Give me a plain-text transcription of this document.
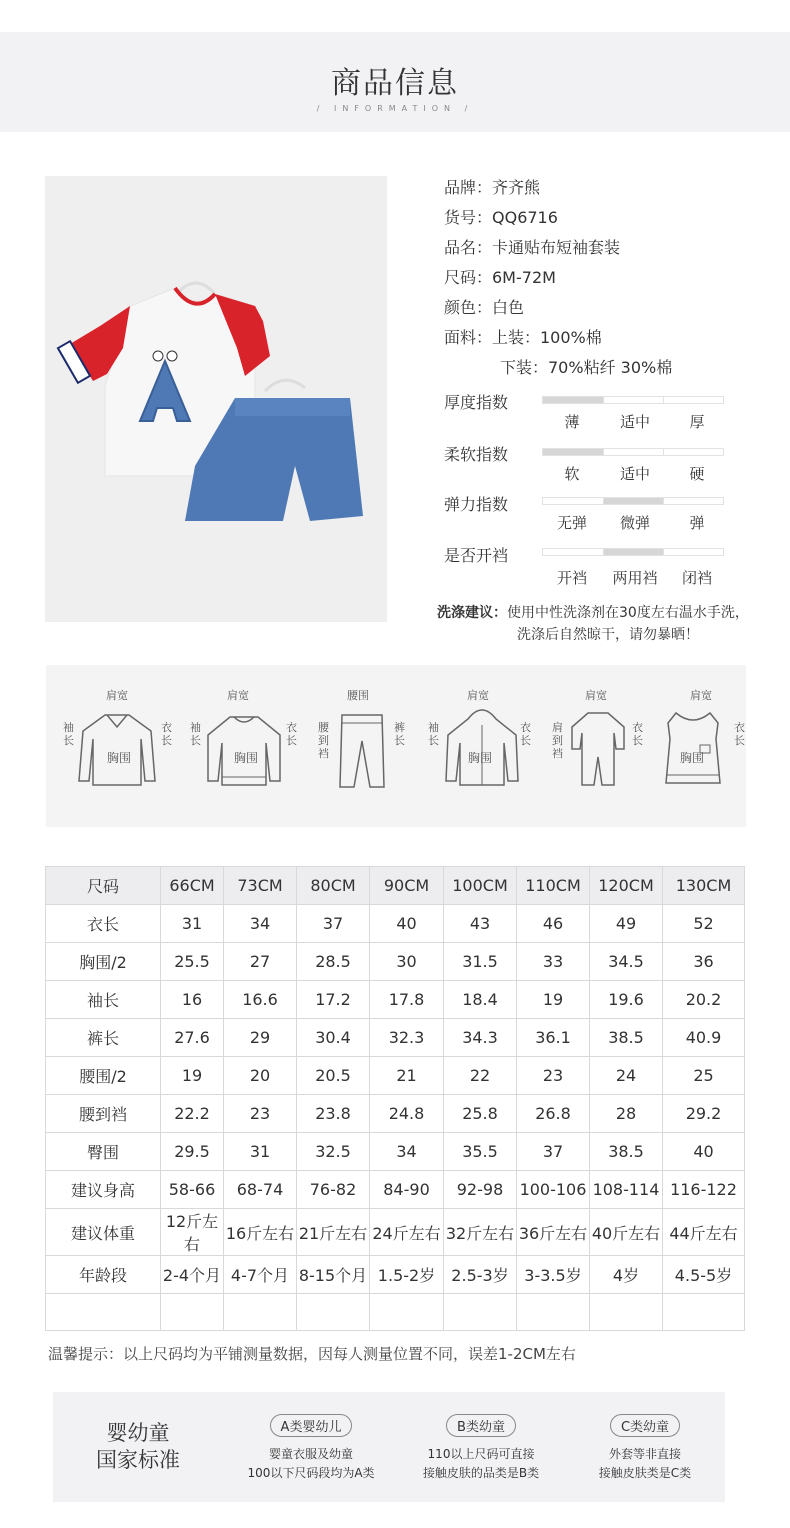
商品信息
/ INFORMATION /
品牌：齐齐熊
货号：QQ6716
品名：卡通贴布短袖套装
尺码：6M-72M
颜色：白色
面料：上装：100%棉
下装：70%粘纤 30%棉
厚度指数
薄	适中	厚
柔软指数
软	适中	硬
弹力指数
无弹	微弹	弹
是否开裆
开裆	两用裆	闭裆
洗涤建议：使用中性洗涤剂在30度左右温水手洗，
洗涤后自然晾干，请勿暴晒！
肩宽
袖长
衣长
胸围
肩宽
袖长
衣长
胸围
腰围
腰到裆
裤长
肩宽
袖长
衣长
胸围
肩宽
肩到裆
衣长
肩宽
衣长
胸围
尺码	66CM	73CM	80CM	90CM	100CM	110CM	120CM	130CM
衣长	31	34	37	40	43	46	49	52
胸围/2	25.5	27	28.5	30	31.5	33	34.5	36
袖长	16	16.6	17.2	17.8	18.4	19	19.6	20.2
裤长	27.6	29	30.4	32.3	34.3	36.1	38.5	40.9
腰围/2	19	20	20.5	21	22	23	24	25
腰到裆	22.2	23	23.8	24.8	25.8	26.8	28	29.2
臀围	29.5	31	32.5	34	35.5	37	38.5	40
建议身高	58-66	68-74	76-82	84-90	92-98	100-106	108-114	116-122
建议体重	12斤左右	16斤左右	21斤左右	24斤左右	32斤左右	36斤左右	40斤左右	44斤左右
年龄段	2-4个月	4-7个月	8-15个月	1.5-2岁	2.5-3岁	3-3.5岁	4岁	4.5-5岁

温馨提示：以上尺码均为平铺测量数据，因每人测量位置不同，误差1-2CM左右
婴幼童
国家标准
A类婴幼儿
婴童衣服及幼童
100以下尺码段均为A类
B类幼童
110以上尺码可直接
接触皮肤的品类是B类
C类幼童
外套等非直接
接触皮肤类是C类
